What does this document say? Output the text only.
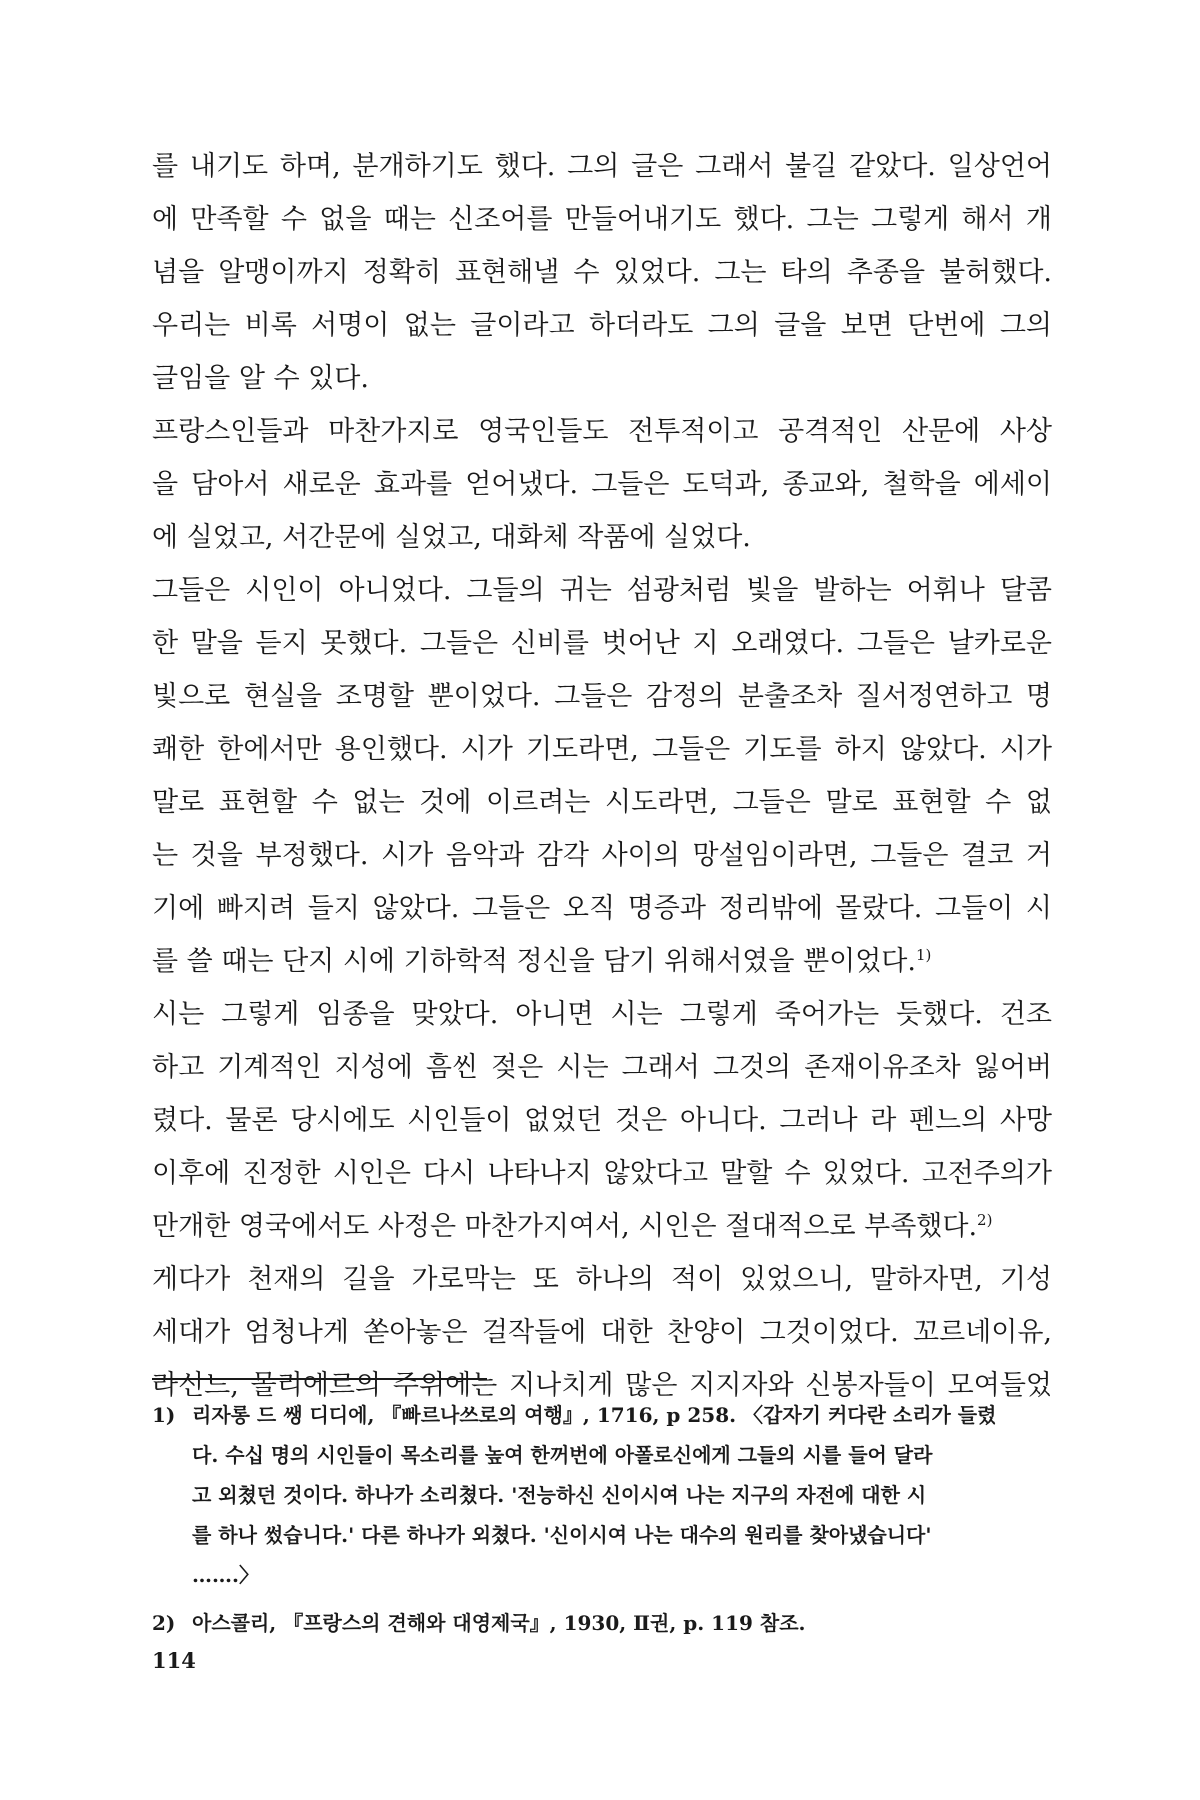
를 내기도 하며, 분개하기도 했다. 그의 글은 그래서 불길 같았다. 일상언어
에 만족할 수 없을 때는 신조어를 만들어내기도 했다. 그는 그렇게 해서 개
념을 알맹이까지 정확히 표현해낼 수 있었다. 그는 타의 추종을 불허했다.
우리는 비록 서명이 없는 글이라고 하더라도 그의 글을 보면 단번에 그의
글임을 알 수 있다.
프랑스인들과 마찬가지로 영국인들도 전투적이고 공격적인 산문에 사상
을 담아서 새로운 효과를 얻어냈다. 그들은 도덕과, 종교와, 철학을 에세이
에 실었고, 서간문에 실었고, 대화체 작품에 실었다.
그들은 시인이 아니었다. 그들의 귀는 섬광처럼 빛을 발하는 어휘나 달콤
한 말을 듣지 못했다. 그들은 신비를 벗어난 지 오래였다. 그들은 날카로운
빛으로 현실을 조명할 뿐이었다. 그들은 감정의 분출조차 질서정연하고 명
쾌한 한에서만 용인했다. 시가 기도라면, 그들은 기도를 하지 않았다. 시가
말로 표현할 수 없는 것에 이르려는 시도라면, 그들은 말로 표현할 수 없
는 것을 부정했다. 시가 음악과 감각 사이의 망설임이라면, 그들은 결코 거
기에 빠지려 들지 않았다. 그들은 오직 명증과 정리밖에 몰랐다. 그들이 시
를 쓸 때는 단지 시에 기하학적 정신을 담기 위해서였을 뿐이었다.$^{1)}$
시는 그렇게 임종을 맞았다. 아니면 시는 그렇게 죽어가는 듯했다. 건조
하고 기계적인 지성에 흠씬 젖은 시는 그래서 그것의 존재이유조차 잃어버
렸다. 물론 당시에도 시인들이 없었던 것은 아니다. 그러나 라 펜느의 사망
이후에 진정한 시인은 다시 나타나지 않았다고 말할 수 있었다. 고전주의가
만개한 영국에서도 사정은 마찬가지여서, 시인은 절대적으로 부족했다.$^{2)}$
게다가 천재의 길을 가로막는 또 하나의 적이 있었으니, 말하자면, 기성
세대가 엄청나게 쏟아놓은 걸작들에 대한 찬양이 그것이었다. 꼬르네이유,
라신느, 몰리에르의 주위에는 지나치게 많은 지지자와 신봉자들이 모여들었
1) 리자롱 드 쌩 디디에, 『빠르나쓰로의 여행』, 1716, p 258. 〈갑자기 커다란 소리가 들렸
다. 수십 명의 시인들이 목소리를 높여 한꺼번에 아폴로신에게 그들의 시를 들어 달라
고 외쳤던 것이다. 하나가 소리쳤다. '전능하신 신이시여 나는 지구의 자전에 대한 시
를 하나 썼습니다.' 다른 하나가 외쳤다. '신이시여 나는 대수의 원리를 찾아냈습니다'
…….〉
2) 아스콜리, 『프랑스의 견해와 대영제국』, 1930, Ⅱ권, p. 119 참조.
114
